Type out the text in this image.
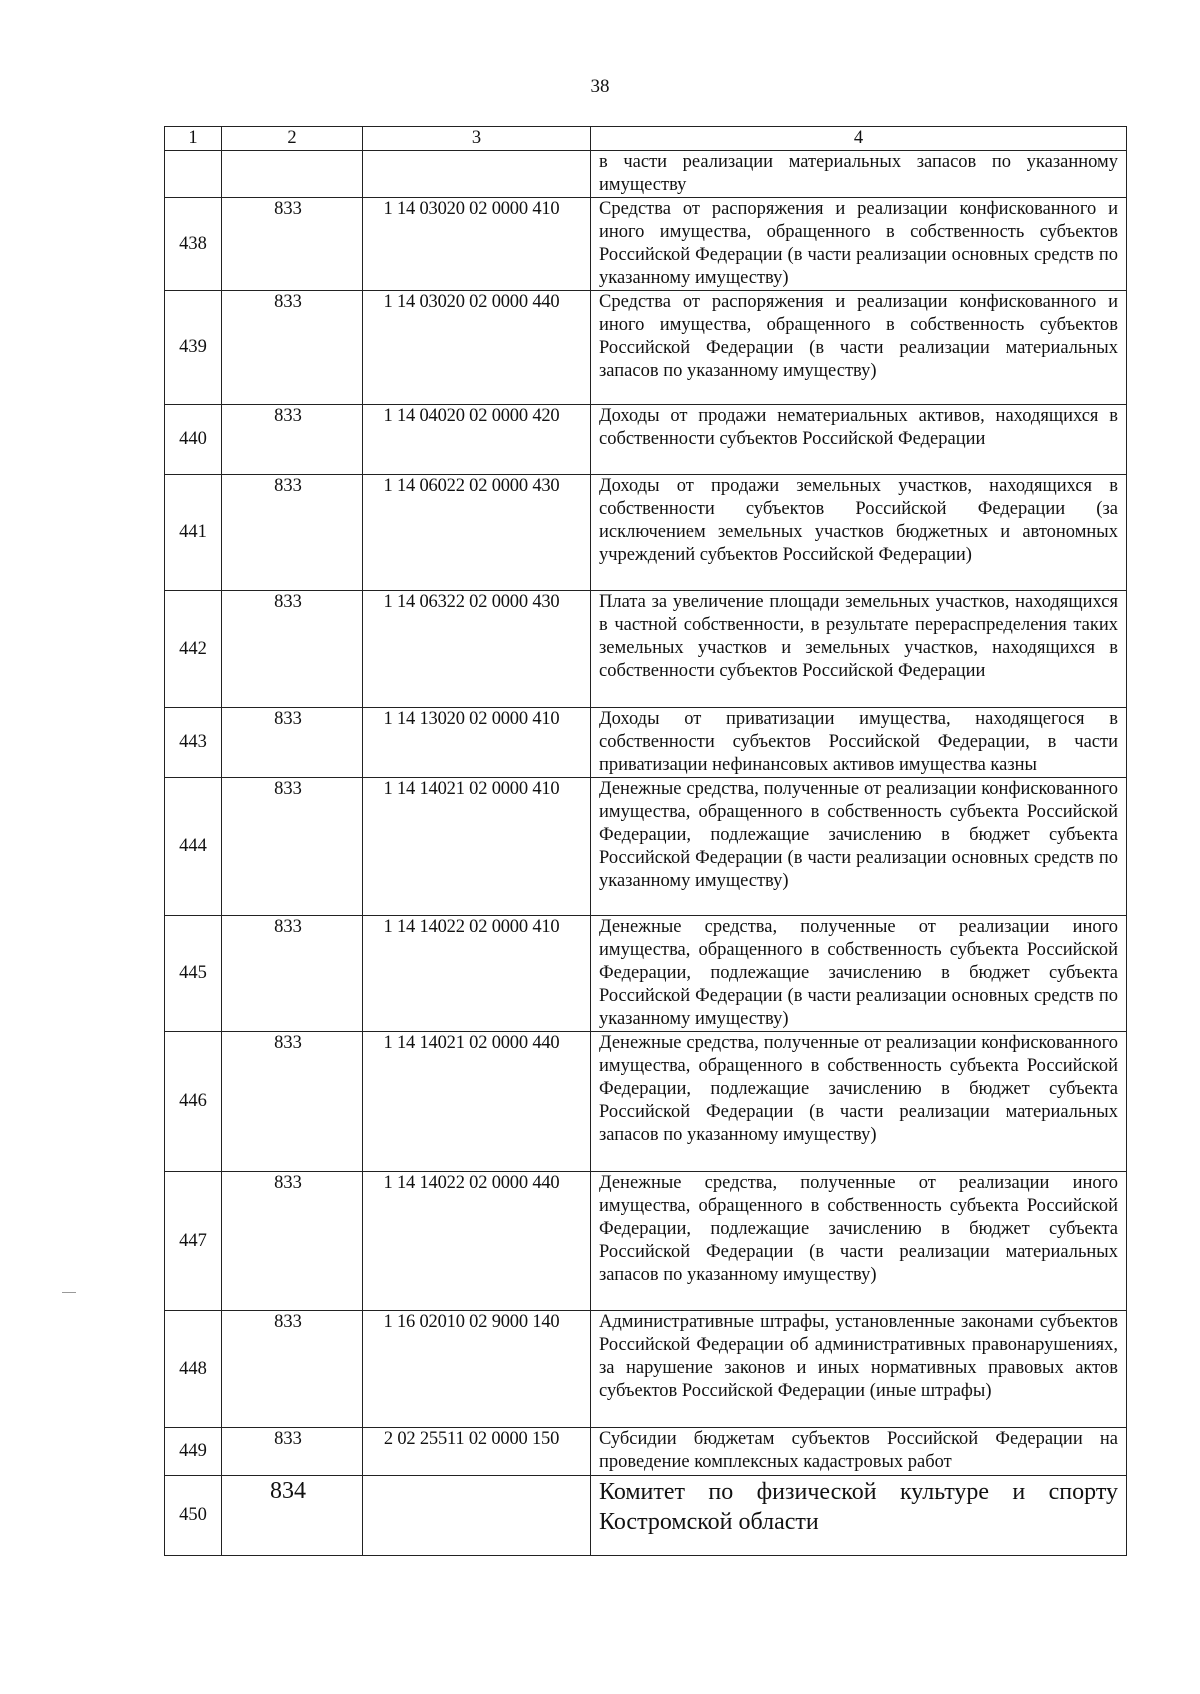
38
1	2	3	4
			в части реализации материальных запасов по указанному имуществу
438	833	1 14 03020 02 0000 410	Средства от распоряжения и реализации конфискованного и иного имущества, обращенного в собственность субъектов Российской Федерации (в части реализации основных средств по указанному имуществу)
439	833	1 14 03020 02 0000 440	Средства от распоряжения и реализации конфискованного и иного имущества, обращенного в собственность субъектов Российской Федерации (в части реализации материальных запасов по указанному имуществу)
440	833	1 14 04020 02 0000 420	Доходы от продажи нематериальных активов, находящихся в собственности субъектов Российской Федерации
441	833	1 14 06022 02 0000 430	Доходы от продажи земельных участков, находящихся в собственности субъектов Российской Федерации (за исключением земельных участков бюджетных и автономных учреждений субъектов Российской Федерации)
442	833	1 14 06322 02 0000 430	Плата за увеличение площади земельных участков, находящихся в частной собственности, в результате перераспределения таких земельных участков и земельных участков, находящихся в собственности субъектов Российской Федерации
443	833	1 14 13020 02 0000 410	Доходы от приватизации имущества, находящегося в собственности субъектов Российской Федерации, в части приватизации нефинансовых активов имущества казны
444	833	1 14 14021 02 0000 410	Денежные средства, полученные от реализации конфискованного имущества, обращенного в собственность субъекта Российской Федерации, подлежащие зачислению в бюджет субъекта Российской Федерации (в части реализации основных средств по указанному имуществу)
445	833	1 14 14022 02 0000 410	Денежные средства, полученные от реализации иного имущества, обращенного в собственность субъекта Российской Федерации, подлежащие зачислению в бюджет субъекта Российской Федерации (в части реализации основных средств по указанному имуществу)
446	833	1 14 14021 02 0000 440	Денежные средства, полученные от реализации конфискованного имущества, обращенного в собственность субъекта Российской Федерации, подлежащие зачислению в бюджет субъекта Российской Федерации (в части реализации материальных запасов по указанному имуществу)
447	833	1 14 14022 02 0000 440	Денежные средства, полученные от реализации иного имущества, обращенного в собственность субъекта Российской Федерации, подлежащие зачислению в бюджет субъекта Российской Федерации (в части реализации материальных запасов по указанному имуществу)
448	833	1 16 02010 02 9000 140	Административные штрафы, установленные законами субъектов Российской Федерации об административных правонарушениях, за нарушение законов и иных нормативных правовых актов субъектов Российской Федерации (иные штрафы)
449	833	2 02 25511 02 0000 150	Субсидии бюджетам субъектов Российской Федерации на проведение комплексных кадастровых работ
450	834		Комитет по физической культуре и спорту Костромской области
